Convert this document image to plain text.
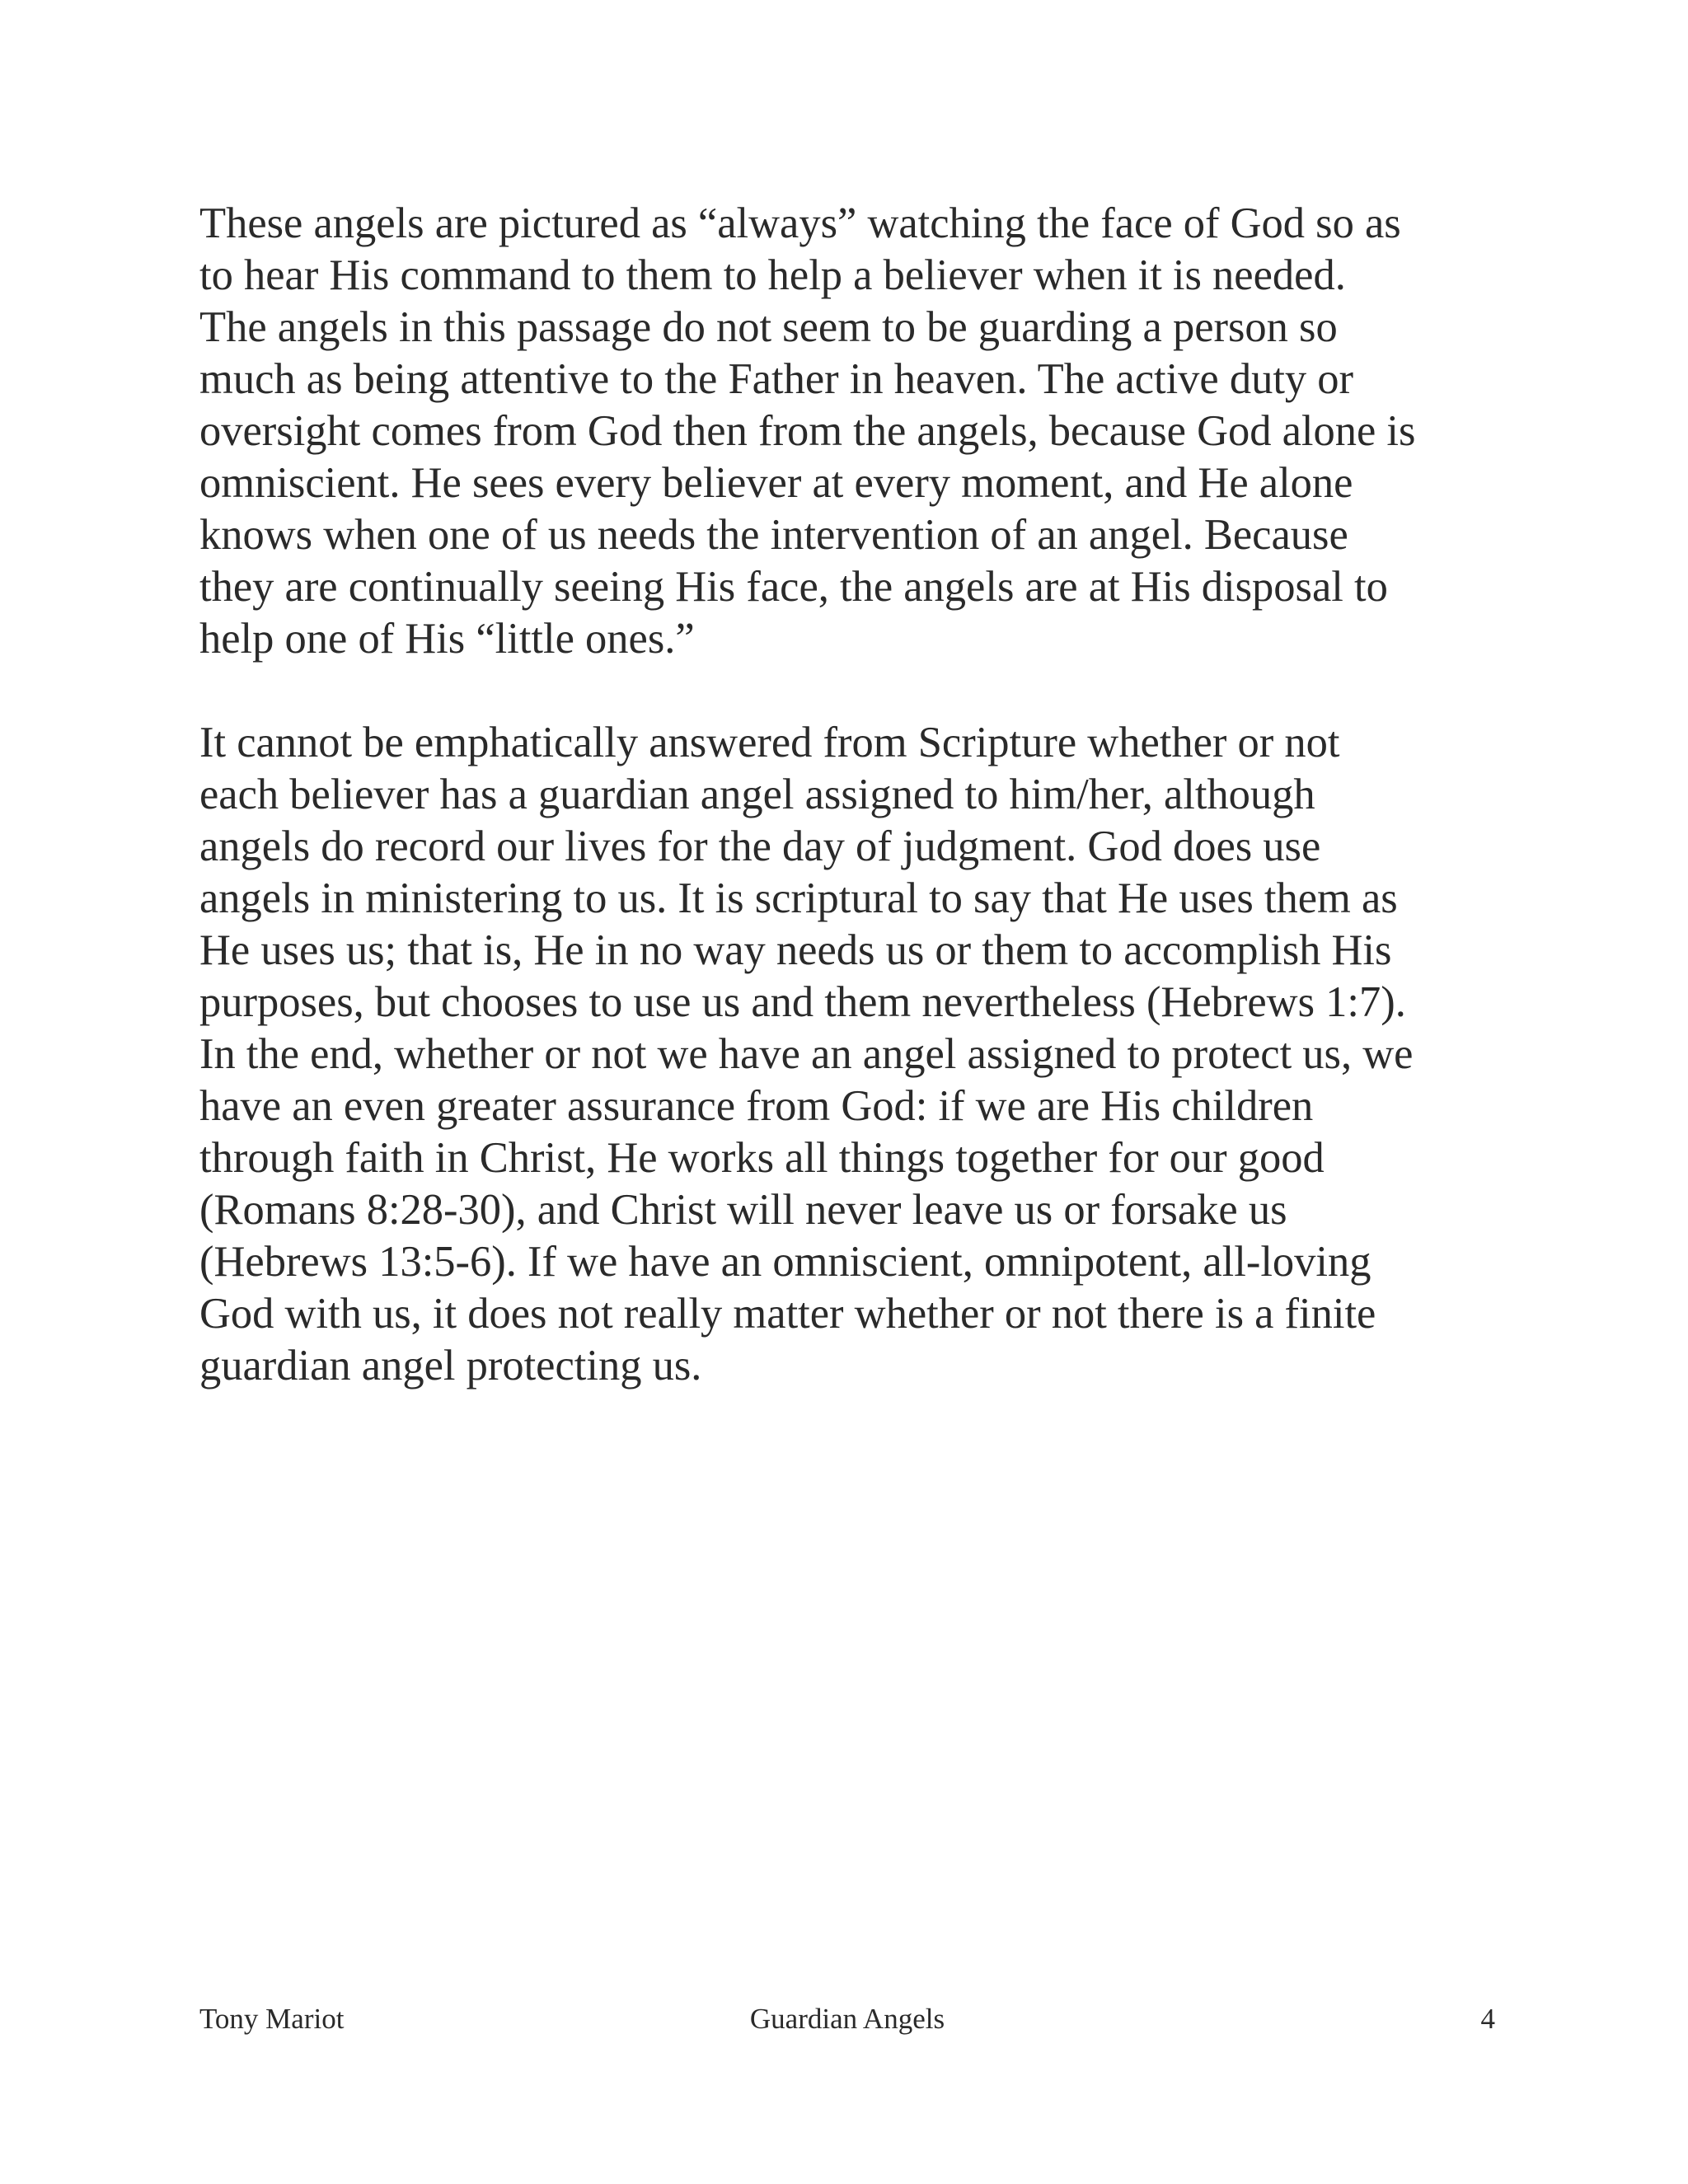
These angels are pictured as “always” watching the face of God so as
to hear His command to them to help a believer when it is needed.
The angels in this passage do not seem to be guarding a person so
much as being attentive to the Father in heaven. The active duty or
oversight comes from God then from the angels, because God alone is
omniscient. He sees every believer at every moment, and He alone
knows when one of us needs the intervention of an angel. Because
they are continually seeing His face, the angels are at His disposal to
help one of His “little ones.”

It cannot be emphatically answered from Scripture whether or not
each believer has a guardian angel assigned to him/her, although
angels do record our lives for the day of judgment. God does use
angels in ministering to us. It is scriptural to say that He uses them as
He uses us; that is, He in no way needs us or them to accomplish His
purposes, but chooses to use us and them nevertheless (Hebrews 1:7).
In the end, whether or not we have an angel assigned to protect us, we
have an even greater assurance from God: if we are His children
through faith in Christ, He works all things together for our good
(Romans 8:28-30), and Christ will never leave us or forsake us
(Hebrews 13:5-6). If we have an omniscient, omnipotent, all-loving
God with us, it does not really matter whether or not there is a finite
guardian angel protecting us.

Tony Mariot	Guardian Angels	4
